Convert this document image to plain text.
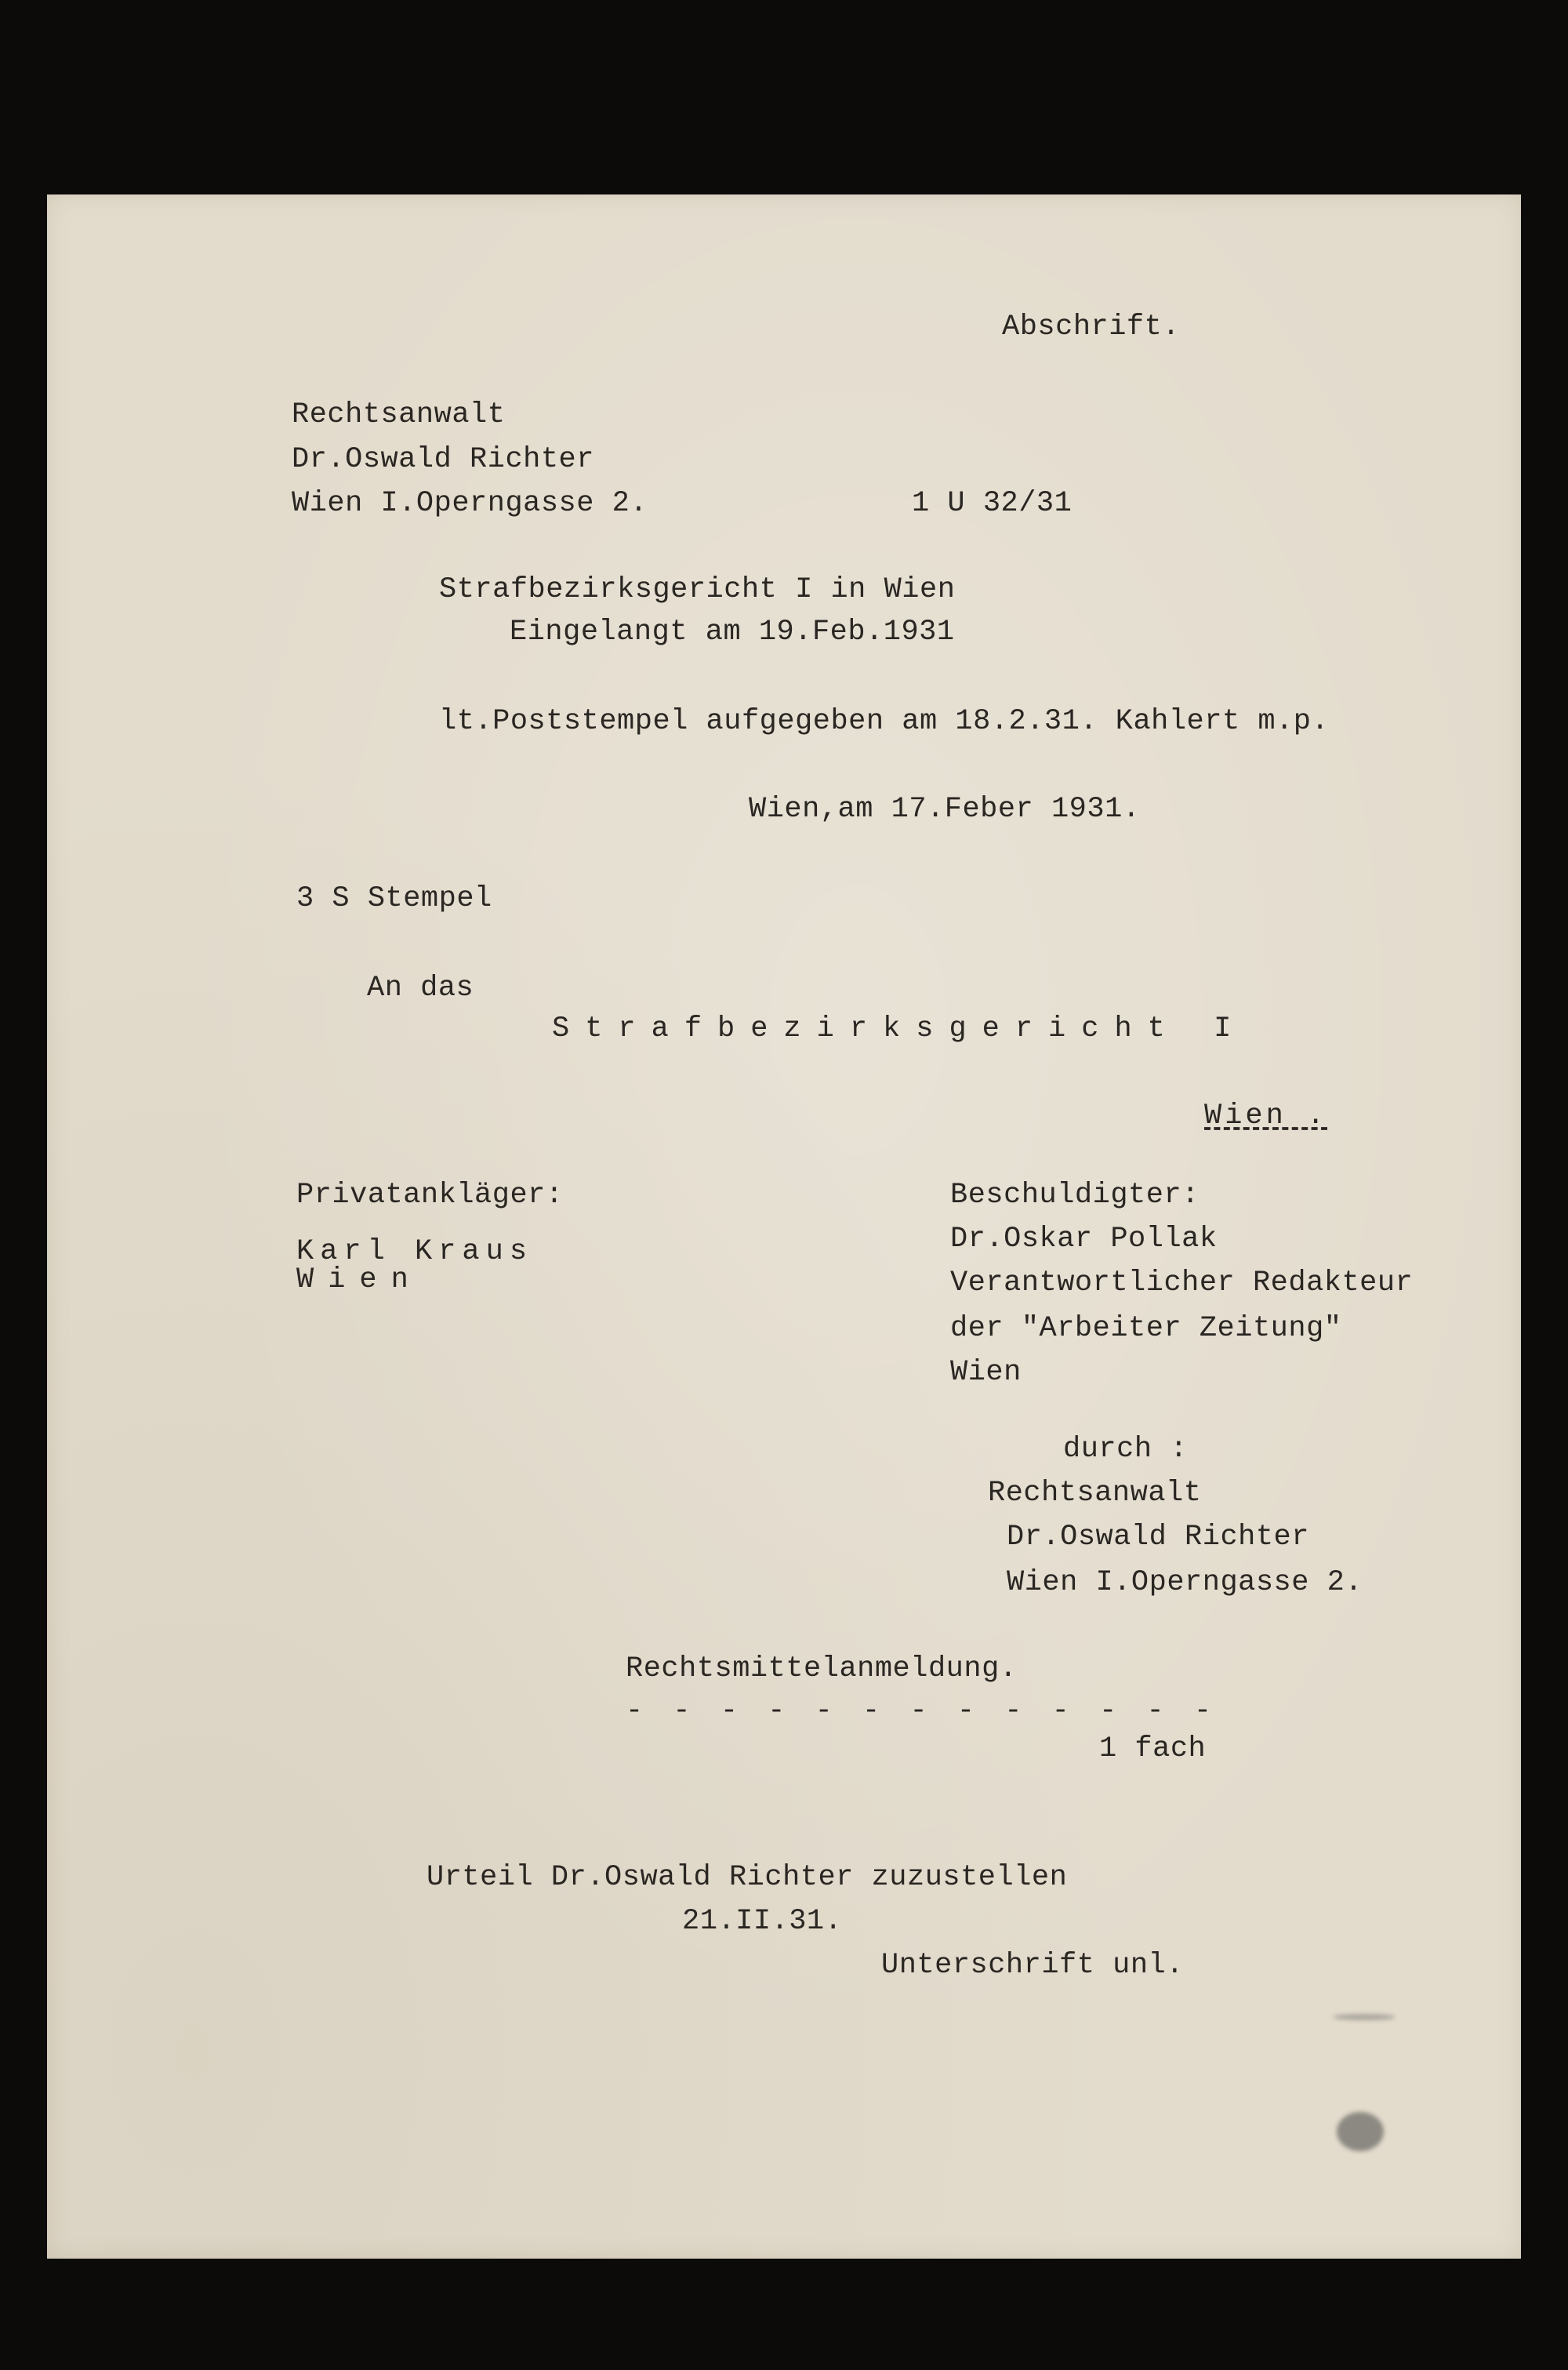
Abschrift.
Rechtsanwalt
Dr.Oswald Richter
Wien I.Operngasse 2.	1 U 32/31
Strafbezirksgericht I in Wien
Eingelangt am 19.Feb.1931
lt.Poststempel aufgegeben am 18.2.31. Kahlert m.p.
Wien,am 17.Feber 1931.
3 S Stempel
An das
Strafbezirksgericht I
Wien .
Privatankläger:
Karl Kraus
Wien
Beschuldigter:
Dr.Oskar Pollak
Verantwortlicher Redakteur
der "Arbeiter Zeitung"
Wien
durch :
Rechtsanwalt
Dr.Oswald Richter
Wien I.Operngasse 2.
Rechtsmittelanmeldung.
- - - - - - - - - - - - -
1 fach
Urteil Dr.Oswald Richter zuzustellen
21.II.31.
Unterschrift unl.
